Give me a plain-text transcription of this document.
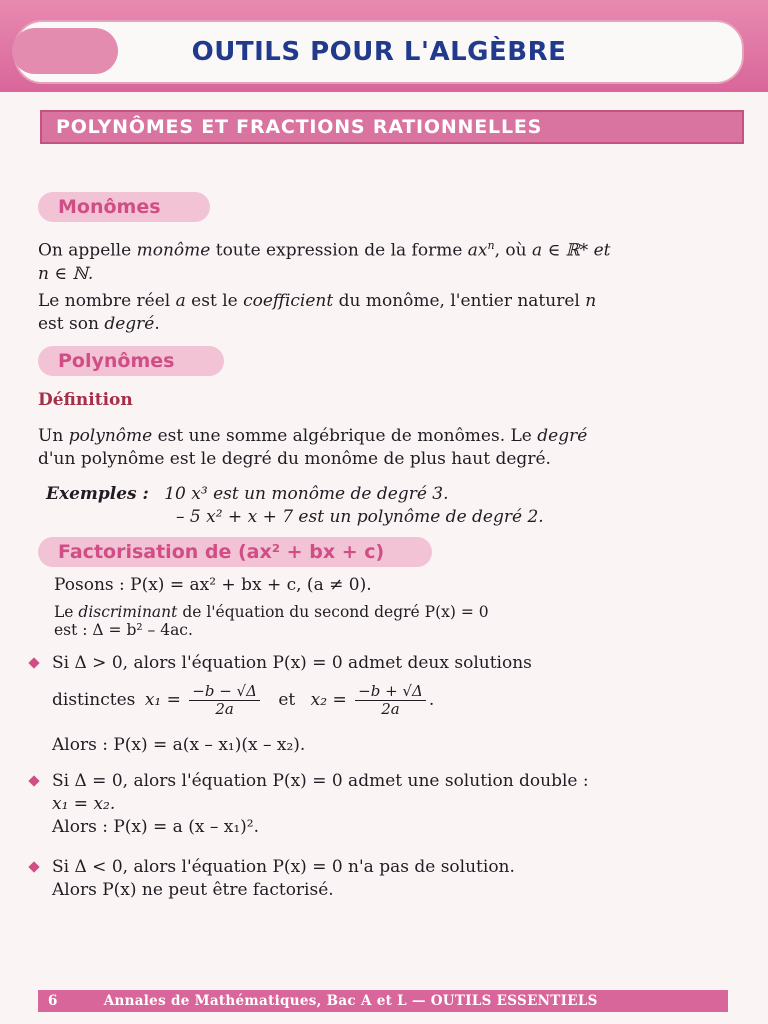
OUTILS POUR L'ALGÈBRE
POLYNÔMES ET FRACTIONS RATIONNELLES
Monômes
On appelle monôme toute expression de la forme $ax^n$, où a ∈ ℝ* et
n ∈ ℕ.
Le nombre réel a est le coefficient du monôme, l'entier naturel n
est son degré.
Polynômes
Définition
Un polynôme est une somme algébrique de monômes. Le degré
d'un polynôme est le degré du monôme de plus haut degré.
Exemples : 10 x³ est un monôme de degré 3.
– 5 x² + x + 7 est un polynôme de degré 2.
Factorisation de (ax² + bx + c)
Posons : P(x) = ax² + bx + c, (a ≠ 0).
Le discriminant de l'équation du second degré P(x) = 0
est : Δ = b² – 4ac.
Si Δ > 0, alors l'équation P(x) = 0 admet deux solutions
distinctes $x_1 = \frac{-b - √\Delta}{2a}$ et $x_2 = \frac{-b + √\Delta}{2a}$ .
Alors : P(x) = a(x – x₁)(x – x₂).
Si Δ = 0, alors l'équation P(x) = 0 admet une solution double :
x₁ = x₂.
Alors : P(x) = a (x – x₁)².
Si Δ < 0, alors l'équation P(x) = 0 n'a pas de solution.
Alors P(x) ne peut être factorisé.
6	Annales de Mathématiques, Bac A et L — OUTILS ESSENTIELS
